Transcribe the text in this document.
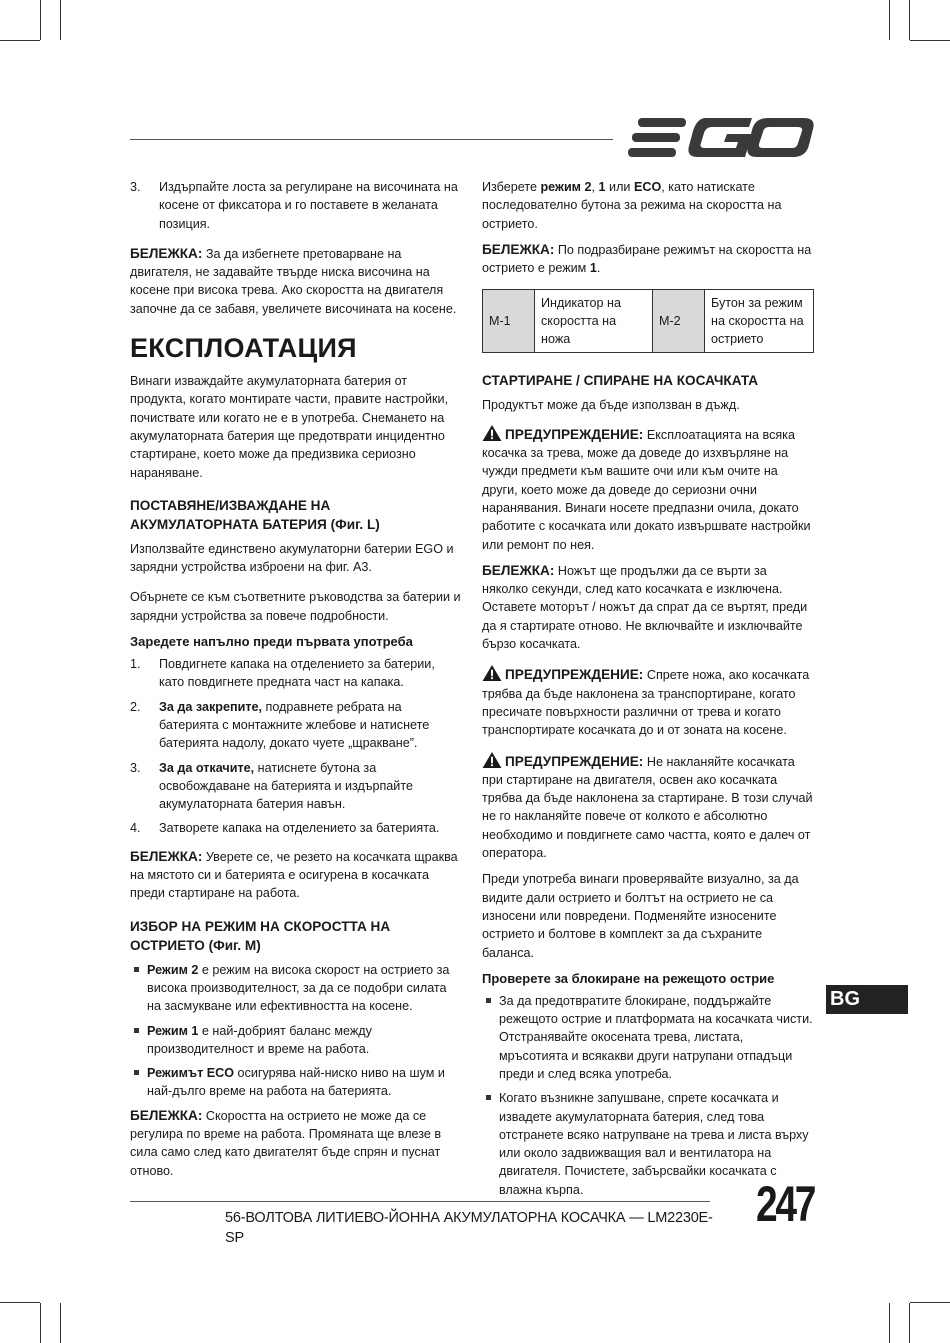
3. Издърпайте лоста за регулиране на височината на косене от фиксатора и го поставете в желаната позиция.

БЕЛЕЖКА: За да избегнете претоварване на двигателя, не задавайте твърде ниска височина на косене при висока трева. Ако скоростта на двигателя започне да се забавя, увеличете височината на косене.

ЕКСПЛОАТАЦИЯ

Винаги изваждайте акумулаторната батерия от продукта, когато монтирате части, правите настройки, почиствате или когато не е в употреба. Снемането на акумулаторната батерия ще предотврати инцидентно стартиране, което може да предизвика сериозно нараняване.

ПОСТАВЯНЕ/ИЗВАЖДАНЕ НА АКУМУЛАТОРНАТА БАТЕРИЯ (Фиг. L)

Използвайте единствено акумулаторни батерии EGO и зарядни устройства изброени на фиг. A3.

Обърнете се към съответните ръководства за батерии и зарядни устройства за повече подробности.

Заредете напълно преди първата употреба
1. Повдигнете капака на отделението за батерии, като повдигнете предната част на капака.
2. За да закрепите, подравнете ребрата на батерията с монтажните жлебове и натиснете батерията надолу, докато чуете „щракване”.
3. За да откачите, натиснете бутона за освобождаване на батерията и издърпайте акумулаторната батерия навън.
4. Затворете капака на отделението за батерията.

БЕЛЕЖКА: Уверете се, че резето на косачката щраква на мястото си и батерията е осигурена в косачката преди стартиране на работа.

ИЗБОР НА РЕЖИМ НА СКОРОСТТА НА ОСТРИЕТО (Фиг. M)
Режим 2 е режим на висока скорост на острието за висока производителност, за да се подобри силата на засмукване или ефективността на косене.
Режим 1 е най-добрият баланс между производителност и време на работа.
Режимът ECO осигурява най-ниско ниво на шум и най-дълго време на работа на батерията.

БЕЛЕЖКА: Скоростта на острието не може да се регулира по време на работа. Промяната ще влезе в сила само след като двигателят бъде спрян и пуснат отново.

Изберете режим 2, 1 или ECO, като натискате последователно бутона за режима на скоростта на острието.

БЕЛЕЖКА: По подразбиране режимът на скоростта на острието е режим 1.

M-1	Индикатор на скоростта на ножа	M-2	Бутон за режим на скоростта на острието
СТАРТИРАНЕ / СПИРАНЕ НА КОСАЧКАТА

Продуктът може да бъде използван в дъжд.

ПРЕДУПРЕЖДЕНИЕ: Експлоатацията на всяка косачка за трева, може да доведе до изхвърляне на чужди предмети към вашите очи или към очите на други, което може да доведе до сериозни очни наранявания. Винаги носете предпазни очила, докато работите с косачката или докато извършвате настройки или ремонт по нея.

БЕЛЕЖКА: Ножът ще продължи да се върти за няколко секунди, след като косачката е изключена. Оставете моторът / ножът да спрат да се въртят, преди да я стартирате отново. Не включвайте и изключвайте бързо косачката.

ПРЕДУПРЕЖДЕНИЕ: Спрете ножа, ако косачката трябва да бъде наклонена за транспортиране, когато пресичате повърхности различни от трева и когато транспортирате косачката до и от зоната на косене.

ПРЕДУПРЕЖДЕНИЕ: Не накланяйте косачката при стартиране на двигателя, освен ако косачката трябва да бъде наклонена за стартиране. В този случай не го накланяйте повече от колкото е абсолютно необходимо и повдигнете само частта, която е далеч от оператора.

Преди употреба винаги проверявайте визуално, за да видите дали острието и болтът на острието не са износени или повредени. Подменяйте износените острието и болтове в комплект за да съхраните баланса.

Проверете за блокиране на режещото острие
За да предотвратите блокиране, поддържайте режещото острие и платформата на косачката чисти. Отстранявайте окосената трева, листата, мръсотията и всякакви други натрупани отпадъци преди и след всяка употреба.
Когато възникне запушване, спрете косачката и извадете акумулаторната батерия, след това отстранете всяко натрупване на трева и листа върху или около задвижващия вал и вентилатора на двигателя. Почистете, забърсвайки косачката с влажна кърпа.
BG
56-ВОЛТОВА ЛИТИЕВО-ЙОННА АКУМУЛАТОРНА КОСАЧКА — LM2230E-SP
247
